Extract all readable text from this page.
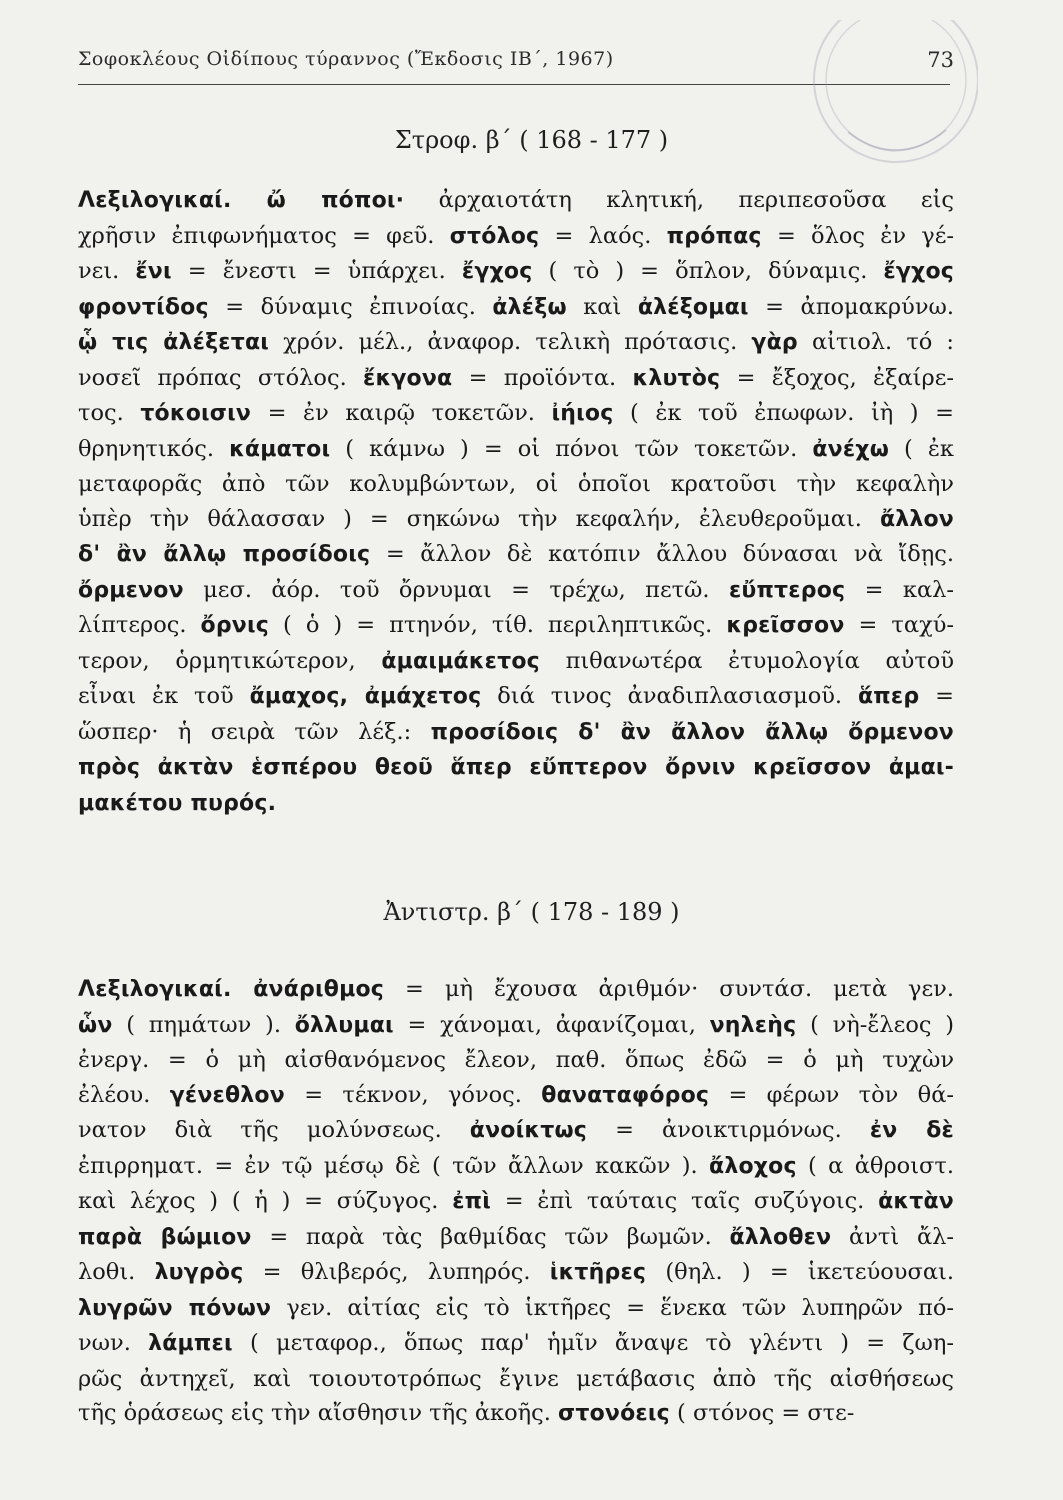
Σοφοκλέους Οἰδίπους τύραννος (Ἔκδοσις ΙΒ΄, 1967)	73
Στροφ. β΄ ( 168 - 177 )
Λεξιλογικαί. ὤ πόποι· ἀρχαιοτάτη κλητική, περιπεσοῦσα εἰς
χρῆσιν ἐπιφωνήματος = φεῦ. στόλος = λαός. πρόπας = ὅλος ἐν γέ-
νει. ἔνι = ἔνεστι = ὑπάρχει. ἔγχος ( τὸ ) = ὅπλον, δύναμις. ἔγχος
φροντίδος = δύναμις ἐπινοίας. ἀλέξω καὶ ἀλέξομαι = ἀπομακρύνω.
ᾧ τις ἀλέξεται χρόν. μέλ., ἀναφορ. τελικὴ πρότασις. γὰρ αἰτιολ. τό :
νοσεῖ πρόπας στόλος. ἔκγονα = προϊόντα. κλυτὸς = ἔξοχος, ἐξαίρε-
τος. τόκοισιν = ἐν καιρῷ τοκετῶν. ἰήιος ( ἐκ τοῦ ἐπωφων. ἰὴ ) =
θρηνητικός. κάματοι ( κάμνω ) = οἱ πόνοι τῶν τοκετῶν. ἀνέχω ( ἐκ
μεταφορᾶς ἀπὸ τῶν κολυμβώντων, οἱ ὁποῖοι κρατοῦσι τὴν κεφαλὴν
ὑπὲρ τὴν θάλασσαν ) = σηκώνω τὴν κεφαλήν, ἐλευθεροῦμαι. ἄλλον
δ' ἂν ἄλλῳ προσίδοις = ἄλλον δὲ κατόπιν ἄλλου δύνασαι νὰ ἴδῃς.
ὄρμενον μεσ. ἀόρ. τοῦ ὄρνυμαι = τρέχω, πετῶ. εὔπτερος = καλ-
λίπτερος. ὄρνις ( ὁ ) = πτηνόν, τίθ. περιληπτικῶς. κρεῖσσον = ταχύ-
τερον, ὁρμητικώτερον, ἀμαιμάκετος πιθανωτέρα ἐτυμολογία αὐτοῦ
εἶναι ἐκ τοῦ ἄμαχος, ἀμάχετος διά τινος ἀναδιπλασιασμοῦ. ἅπερ =
ὥσπερ· ἡ σειρὰ τῶν λέξ.: προσίδοις δ' ἂν ἄλλον ἄλλῳ ὄρμενον
πρὸς ἀκτὰν ἑσπέρου θεοῦ ἅπερ εὔπτερον ὄρνιν κρεῖσσον ἀμαι-
μακέτου πυρός.
Ἀντιστρ. β΄ ( 178 - 189 )
Λεξιλογικαί. ἀνάριθμος = μὴ ἔχουσα ἀριθμόν· συντάσ. μετὰ γεν.
ὧν ( πημάτων ). ὄλλυμαι = χάνομαι, ἀφανίζομαι, νηλεὴς ( νὴ-ἔλεος )
ἐνεργ. = ὁ μὴ αἰσθανόμενος ἔλεον, παθ. ὅπως ἐδῶ = ὁ μὴ τυχὼν
ἐλέου. γένεθλον = τέκνον, γόνος. θαναταφόρος = φέρων τὸν θά-
νατον διὰ τῆς μολύνσεως. ἀνοίκτως = ἀνοικτιρμόνως. ἐν δὲ
ἐπιρρηματ. = ἐν τῷ μέσῳ δὲ ( τῶν ἄλλων κακῶν ). ἄλοχος ( α ἀθροιστ.
καὶ λέχος ) ( ἡ ) = σύζυγος. ἐπὶ = ἐπὶ ταύταις ταῖς συζύγοις. ἀκτὰν
παρὰ βώμιον = παρὰ τὰς βαθμίδας τῶν βωμῶν. ἄλλοθεν ἀντὶ ἄλ-
λοθι. λυγρὸς = θλιβερός, λυπηρός. ἱκτῆρες (θηλ. ) = ἱκετεύουσαι.
λυγρῶν πόνων γεν. αἰτίας εἰς τὸ ἱκτῆρες = ἕνεκα τῶν λυπηρῶν πό-
νων. λάμπει ( μεταφορ., ὅπως παρ' ἡμῖν ἄναψε τὸ γλέντι ) = ζωη-
ρῶς ἀντηχεῖ, καὶ τοιουτοτρόπως ἔγινε μετάβασις ἀπὸ τῆς αἰσθήσεως
τῆς ὁράσεως εἰς τὴν αἴσθησιν τῆς ἀκοῆς. στονόεις ( στόνος = στε-
